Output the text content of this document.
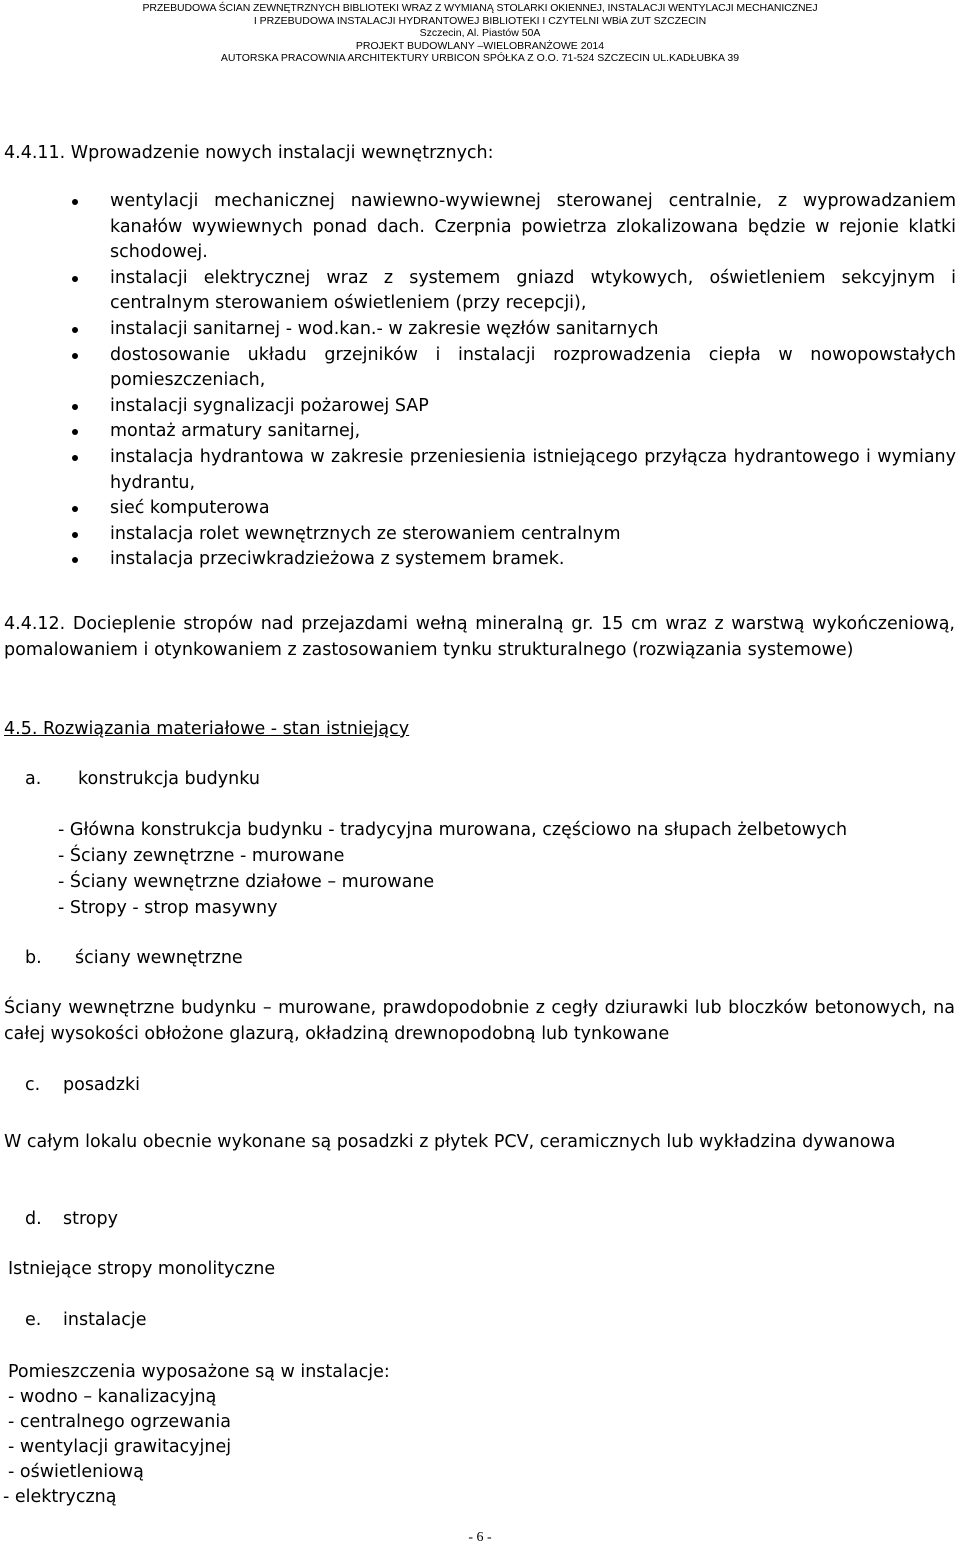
PRZEBUDOWA ŚCIAN ZEWNĘTRZNYCH BIBLIOTEKI WRAZ Z WYMIANĄ STOLARKI OKIENNEJ, INSTALACJI WENTYLACJI MECHANICZNEJ
I PRZEBUDOWA INSTALACJI HYDRANTOWEJ BIBLIOTEKI I CZYTELNI WBiA ZUT SZCZECIN
Szczecin, Al. Piastów 50A
PROJEKT BUDOWLANY –WIELOBRANŻOWE 2014
AUTORSKA PRACOWNIA ARCHITEKTURY URBICON SPÓŁKA Z O.O. 71-524 SZCZECIN UL.KADŁUBKA 39
4.4.11. Wprowadzenie nowych instalacji wewnętrznych:
wentylacji mechanicznej nawiewno-wywiewnej sterowanej centralnie, z wyprowadzaniem kanałów wywiewnych ponad dach. Czerpnia powietrza zlokalizowana będzie w rejonie klatki schodowej.
instalacji elektrycznej wraz z systemem gniazd wtykowych, oświetleniem sekcyjnym i centralnym sterowaniem oświetleniem (przy recepcji),
instalacji sanitarnej - wod.kan.- w zakresie węzłów sanitarnych
dostosowanie układu grzejników i instalacji rozprowadzenia ciepła w nowopowstałych pomieszczeniach,
instalacji sygnalizacji pożarowej SAP
montaż armatury sanitarnej,
instalacja hydrantowa w zakresie przeniesienia istniejącego przyłącza hydrantowego i wymiany hydrantu,
sieć komputerowa
instalacja rolet wewnętrznych ze sterowaniem centralnym
instalacja przeciwkradzieżowa z systemem bramek.
4.4.12. Docieplenie stropów nad przejazdami wełną mineralną gr. 15 cm wraz z warstwą wykończeniową, pomalowaniem i otynkowaniem z zastosowaniem tynku strukturalnego (rozwiązania systemowe)
4.5. Rozwiązania materiałowe - stan istniejący
a. konstrukcja budynku
- Główna konstrukcja budynku - tradycyjna murowana, częściowo na słupach żelbetowych
- Ściany zewnętrzne - murowane
- Ściany wewnętrzne działowe – murowane
- Stropy - strop masywny
b. ściany wewnętrzne
Ściany wewnętrzne budynku – murowane, prawdopodobnie z cegły dziurawki lub bloczków betonowych, na całej wysokości obłożone glazurą, okładziną drewnopodobną lub tynkowane
c. posadzki
W całym lokalu obecnie wykonane są posadzki z płytek PCV, ceramicznych lub wykładzina dywanowa
d. stropy
Istniejące stropy monolityczne
e. instalacje
Pomieszczenia wyposażone są w instalacje:
- wodno – kanalizacyjną
- centralnego ogrzewania
- wentylacji grawitacyjnej
- oświetleniową
- elektryczną
- 6 -
